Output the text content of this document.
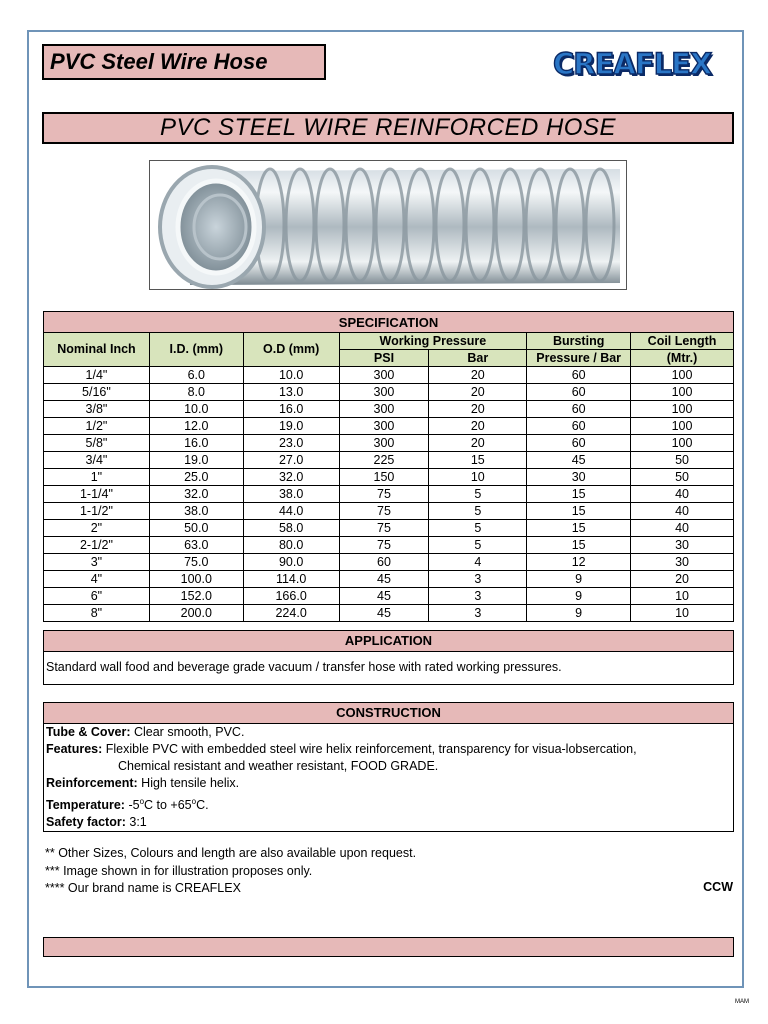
PVC Steel Wire Hose	CREAFLEX
PVC STEEL WIRE REINFORCED HOSE
SPECIFICATION						
Nominal Inch	I.D. (mm)	O.D (mm)	Working Pressure		Bursting	Coil Length
			PSI	Bar	Pressure / Bar	(Mtr.)
1/4"	6.0	10.0	300	20	60	100
5/16"	8.0	13.0	300	20	60	100
3/8"	10.0	16.0	300	20	60	100
1/2"	12.0	19.0	300	20	60	100
5/8"	16.0	23.0	300	20	60	100
3/4"	19.0	27.0	225	15	45	50
1"	25.0	32.0	150	10	30	50
1-1/4"	32.0	38.0	75	5	15	40
1-1/2"	38.0	44.0	75	5	15	40
2"	50.0	58.0	75	5	15	40
2-1/2"	63.0	80.0	75	5	15	30
3"	75.0	90.0	60	4	12	30
4"	100.0	114.0	45	3	9	20
6"	152.0	166.0	45	3	9	10
8"	200.0	224.0	45	3	9	10
APPLICATION
Standard wall food and beverage grade vacuum / transfer hose with rated working pressures.
CONSTRUCTION
Tube & Cover: Clear smooth, PVC.
Features: Flexible PVC with embedded steel wire helix reinforcement, transparency for visua-lobsercation,
Chemical resistant and weather resistant, FOOD GRADE.
Reinforcement: High tensile helix.
Temperature: -5$^o$C to $+65^oC$.
Safety factor: 3:1
** Other Sizes, Colours and length are also available upon request.
*** Image shown in for illustration proposes only.
**** Our brand name is CREAFLEX	CCW
MAM
